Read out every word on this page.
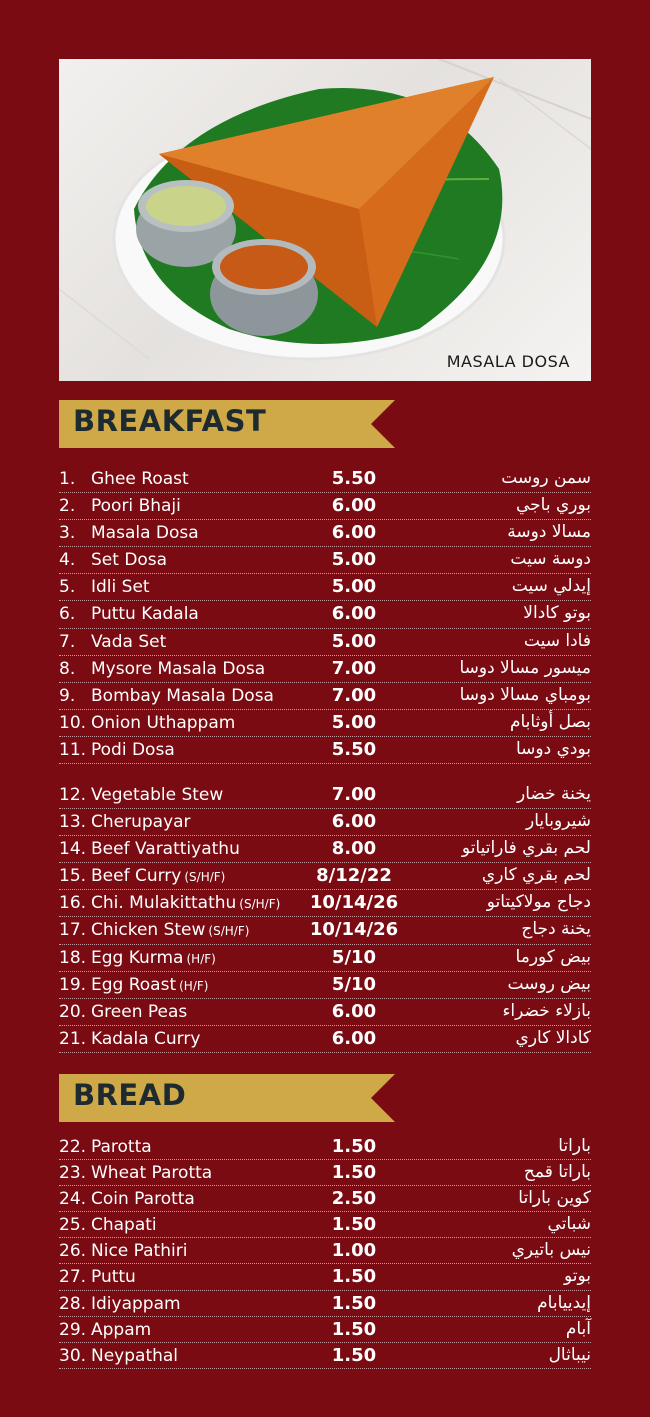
MASALA DOSA
BREAKFAST
1. Ghee Roast	5.50	سمن روست
2. Poori Bhaji	6.00	بوري باجي
3. Masala Dosa	6.00	مسالا دوسة
4. Set Dosa	5.00	دوسة سيت
5. Idli Set	5.00	إيدلي سيت
6. Puttu Kadala	6.00	بوتو كادالا
7. Vada Set	5.00	فادا سيت
8. Mysore Masala Dosa	7.00	ميسور مسالا دوسا
9. Bombay Masala Dosa	7.00	بومباي مسالا دوسا
10. Onion Uthappam	5.00	بصل أوثابام
11. Podi Dosa	5.50	بودي دوسا
12. Vegetable Stew	7.00	يخنة خضار
13. Cherupayar	6.00	شيروبايار
14. Beef Varattiyathu	8.00	لحم بقري فاراتياتو
15. Beef Curry (S/H/F)	8/12/22	لحم بقري كاري
16. Chi. Mulakittathu (S/H/F)	10/14/26	دجاج مولاكيتاتو
17. Chicken Stew (S/H/F)	10/14/26	يخنة دجاج
18. Egg Kurma (H/F)	5/10	بيض كورما
19. Egg Roast (H/F)	5/10	بيض روست
20. Green Peas	6.00	بازلاء خضراء
21. Kadala Curry	6.00	كادالا كاري
BREAD
22. Parotta	1.50	باراتا
23. Wheat Parotta	1.50	باراتا قمح
24. Coin Parotta	2.50	كوين باراتا
25. Chapati	1.50	شباتي
26. Nice Pathiri	1.00	نيس باتيري
27. Puttu	1.50	بوتو
28. Idiyappam	1.50	إيدييابام
29. Appam	1.50	آبام
30. Neypathal	1.50	نيباثال
